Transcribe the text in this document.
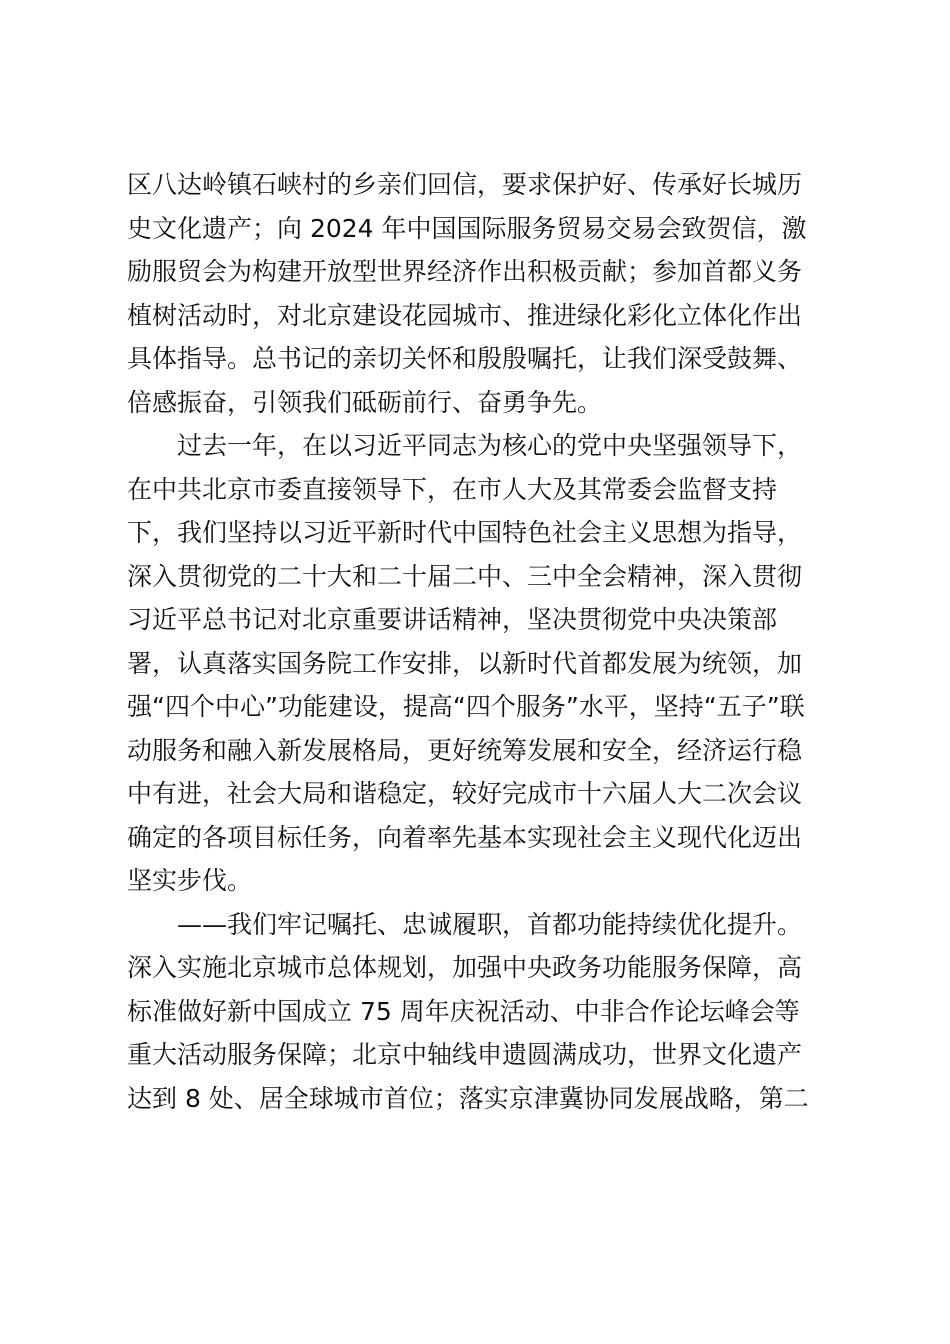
区八达岭镇石峡村的乡亲们回信，要求保护好、传承好长城历
史文化遗产；向 2024 年中国国际服务贸易交易会致贺信，激
励服贸会为构建开放型世界经济作出积极贡献；参加首都义务
植树活动时，对北京建设花园城市、推进绿化彩化立体化作出
具体指导。总书记的亲切关怀和殷殷嘱托，让我们深受鼓舞、
倍感振奋，引领我们砥砺前行、奋勇争先。
　　过去一年，在以习近平同志为核心的党中央坚强领导下，
在中共北京市委直接领导下，在市人大及其常委会监督支持
下，我们坚持以习近平新时代中国特色社会主义思想为指导，
深入贯彻党的二十大和二十届二中、三中全会精神，深入贯彻
习近平总书记对北京重要讲话精神，坚决贯彻党中央决策部
署，认真落实国务院工作安排，以新时代首都发展为统领，加
强“四个中心”功能建设，提高“四个服务”水平，坚持“五子”联
动服务和融入新发展格局，更好统筹发展和安全，经济运行稳
中有进，社会大局和谐稳定，较好完成市十六届人大二次会议
确定的各项目标任务，向着率先基本实现社会主义现代化迈出
坚实步伐。
　　——我们牢记嘱托、忠诚履职，首都功能持续优化提升。
深入实施北京城市总体规划，加强中央政务功能服务保障，高
标准做好新中国成立 75 周年庆祝活动、中非合作论坛峰会等
重大活动服务保障；北京中轴线申遗圆满成功，世界文化遗产
达到 8 处、居全球城市首位；落实京津冀协同发展战略，第二
